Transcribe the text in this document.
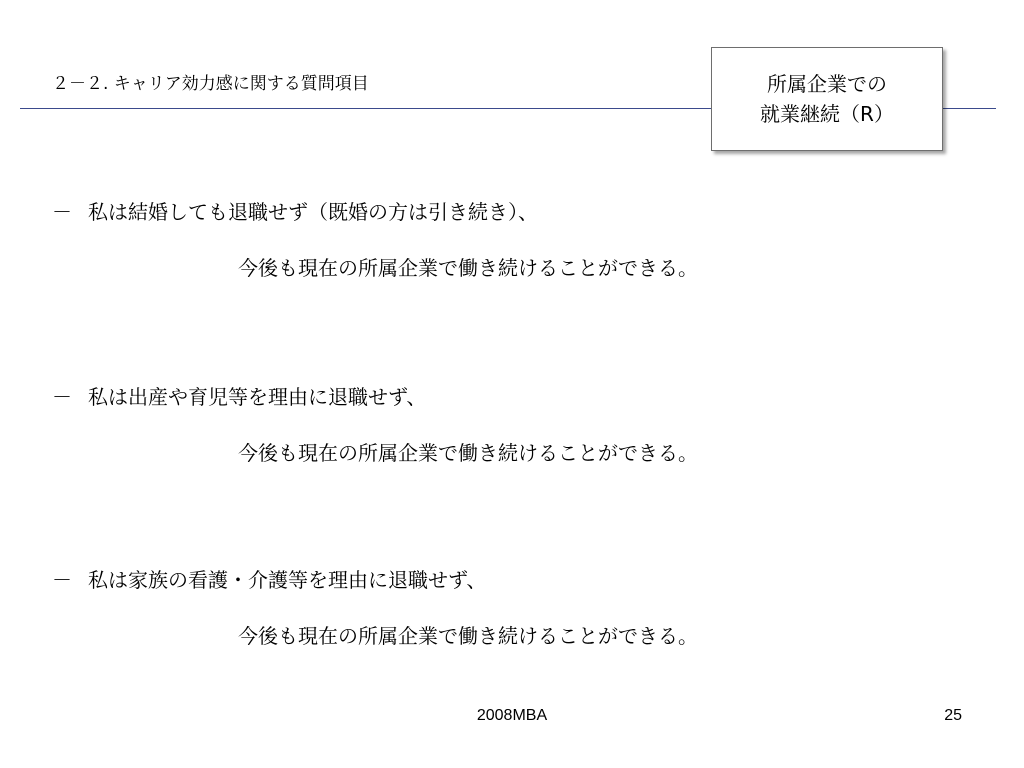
２－２. キャリア効力感に関する質問項目	所属企業での
就業継続（R）
－ 私は結婚しても退職せず（既婚の方は引き続き）、
今後も現在の所属企業で働き続けることができる。
－ 私は出産や育児等を理由に退職せず、
今後も現在の所属企業で働き続けることができる。
－ 私は家族の看護・介護等を理由に退職せず、
今後も現在の所属企業で働き続けることができる。
2008MBA	25
